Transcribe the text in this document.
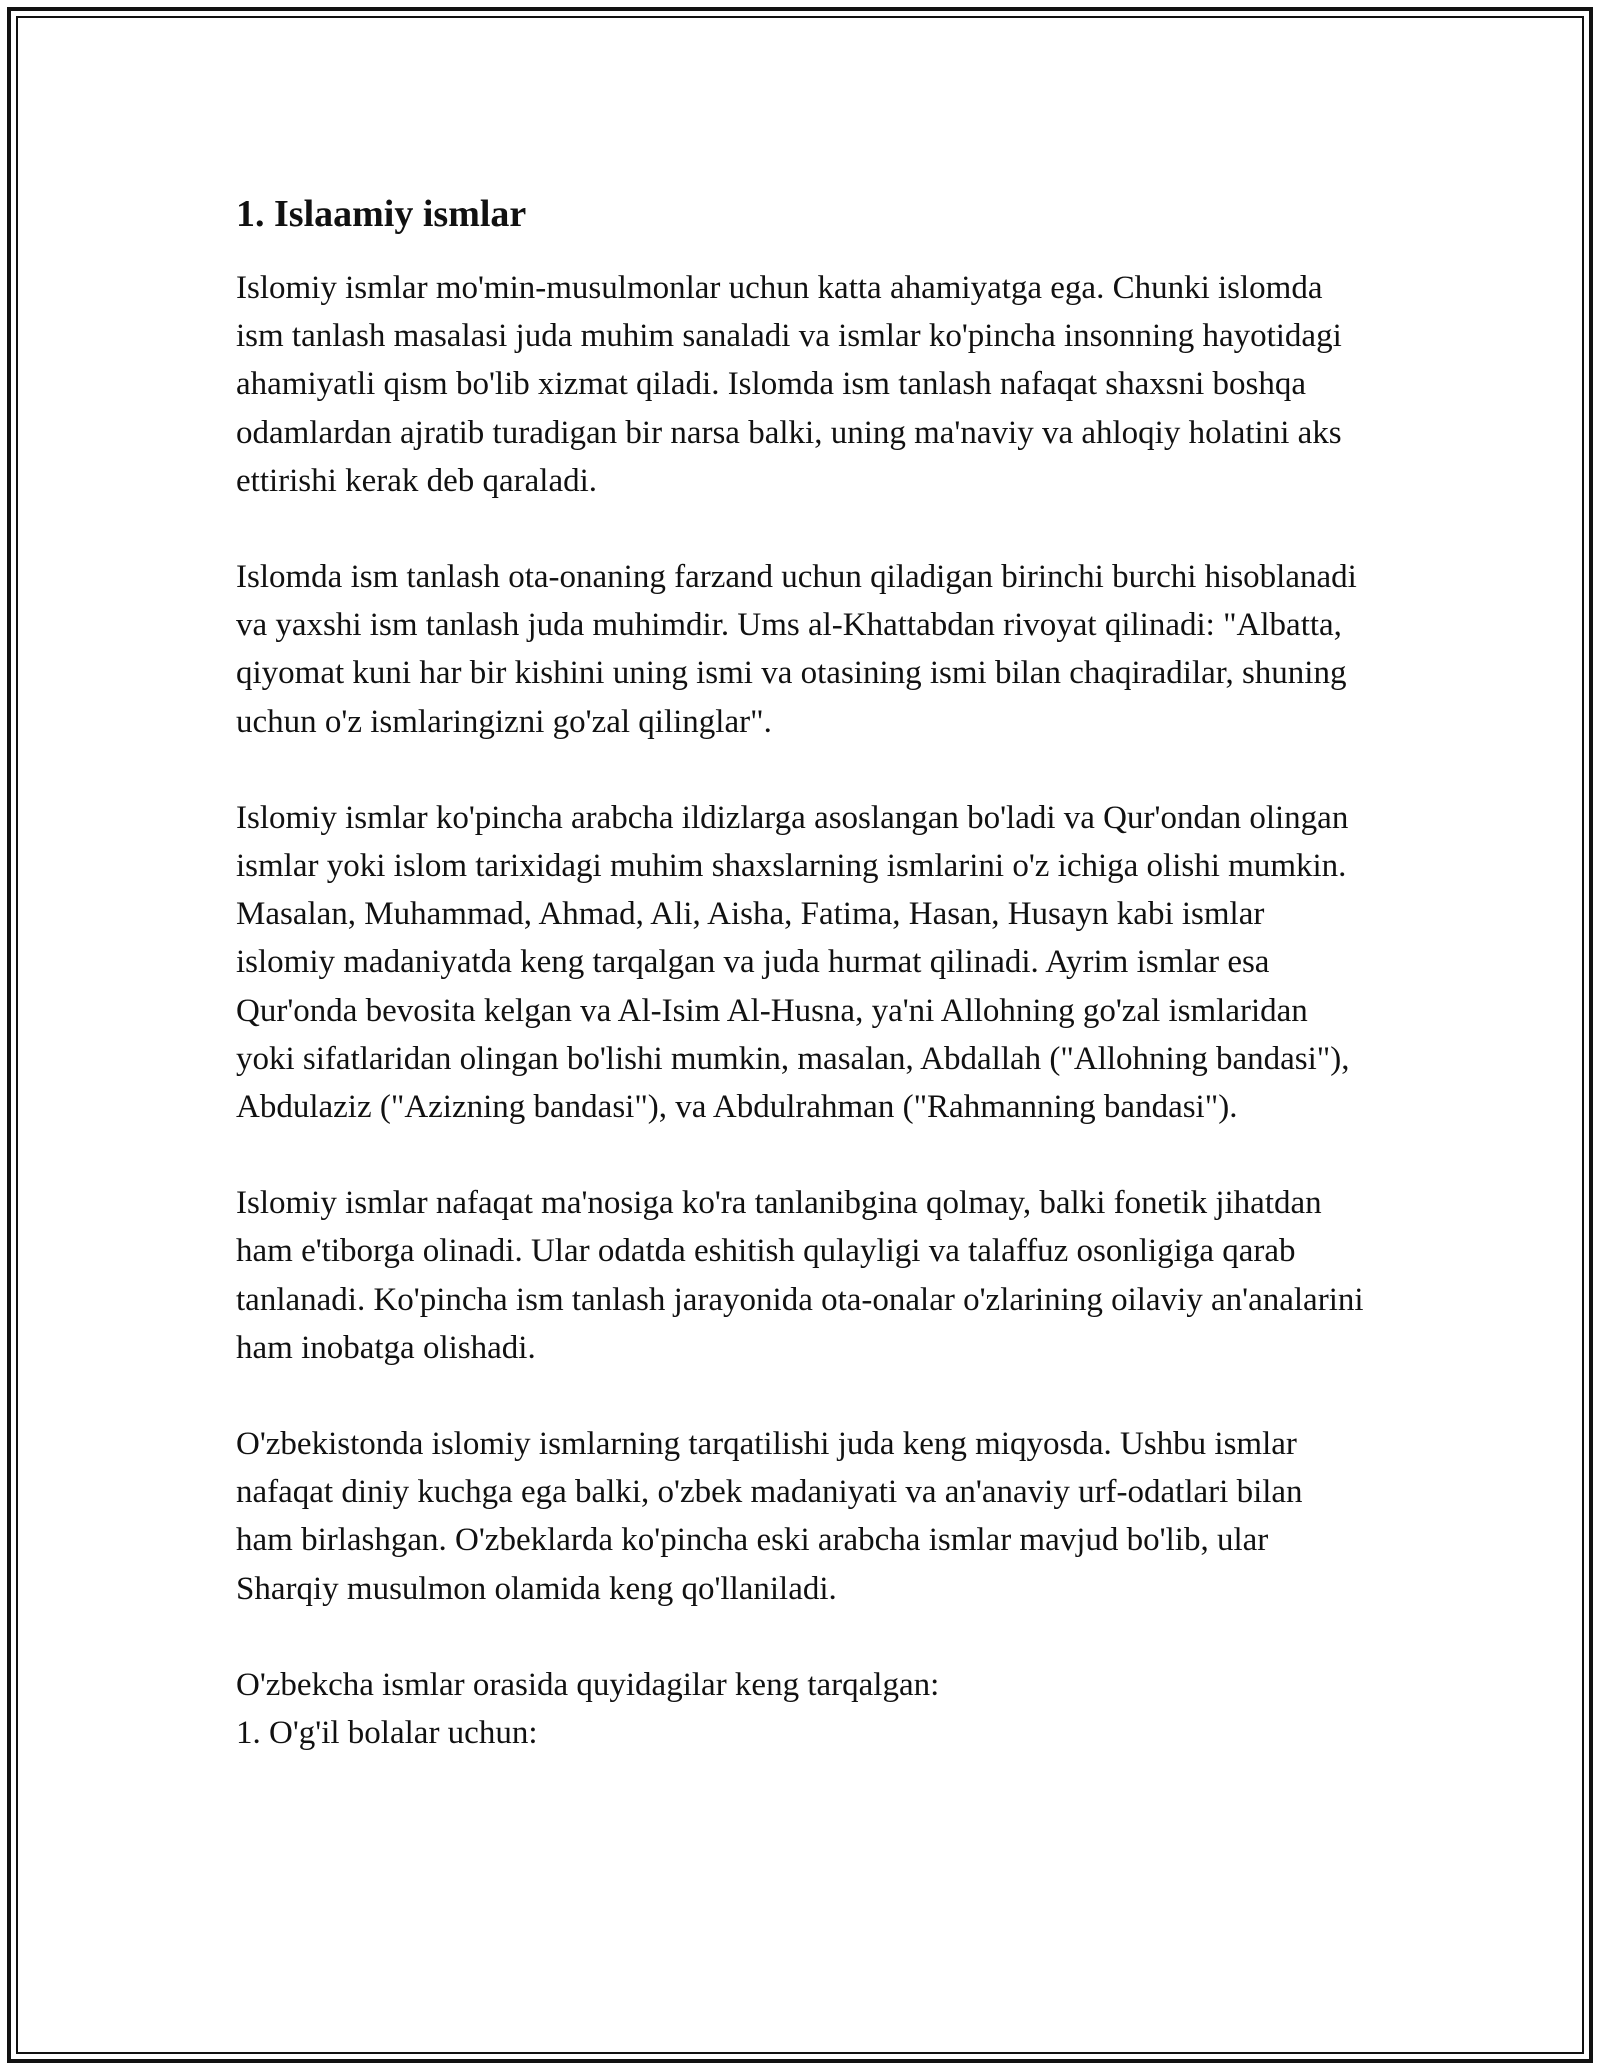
1. Islaamiy ismlar

Islomiy ismlar mo'min-musulmonlar uchun katta ahamiyatga ega. Chunki islomda ism tanlash masalasi juda muhim sanaladi va ismlar ko'pincha insonning hayotidagi ahamiyatli qism bo'lib xizmat qiladi. Islomda ism tanlash nafaqat shaxsni boshqa odamlardan ajratib turadigan bir narsa balki, uning ma'naviy va ahloqiy holatini aks ettirishi kerak deb qaraladi.

Islomda ism tanlash ota-onaning farzand uchun qiladigan birinchi burchi hisoblanadi va yaxshi ism tanlash juda muhimdir. Ums al-Khattabdan rivoyat qilinadi: "Albatta, qiyomat kuni har bir kishini uning ismi va otasining ismi bilan chaqiradilar, shuning uchun o'z ismlaringizni go'zal qilinglar".

Islomiy ismlar ko'pincha arabcha ildizlarga asoslangan bo'ladi va Qur'ondan olingan ismlar yoki islom tarixidagi muhim shaxslarning ismlarini o'z ichiga olishi mumkin. Masalan, Muhammad, Ahmad, Ali, Aisha, Fatima, Hasan, Husayn kabi ismlar islomiy madaniyatda keng tarqalgan va juda hurmat qilinadi. Ayrim ismlar esa Qur'onda bevosita kelgan va Al-Isim Al-Husna, ya'ni Allohning go'zal ismlaridan yoki sifatlaridan olingan bo'lishi mumkin, masalan, Abdallah ("Allohning bandasi"), Abdulaziz ("Azizning bandasi"), va Abdulrahman ("Rahmanning bandasi").

Islomiy ismlar nafaqat ma'nosiga ko'ra tanlanibgina qolmay, balki fonetik jihatdan ham e'tiborga olinadi. Ular odatda eshitish qulayligi va talaffuz osonligiga qarab tanlanadi. Ko'pincha ism tanlash jarayonida ota-onalar o'zlarining oilaviy an'analarini ham inobatga olishadi.

O'zbekistonda islomiy ismlarning tarqatilishi juda keng miqyosda. Ushbu ismlar nafaqat diniy kuchga ega balki, o'zbek madaniyati va an'anaviy urf-odatlari bilan ham birlashgan. O'zbeklarda ko'pincha eski arabcha ismlar mavjud bo'lib, ular Sharqiy musulmon olamida keng qo'llaniladi.

O'zbekcha ismlar orasida quyidagilar keng tarqalgan:

1. O'g'il bolalar uchun:
